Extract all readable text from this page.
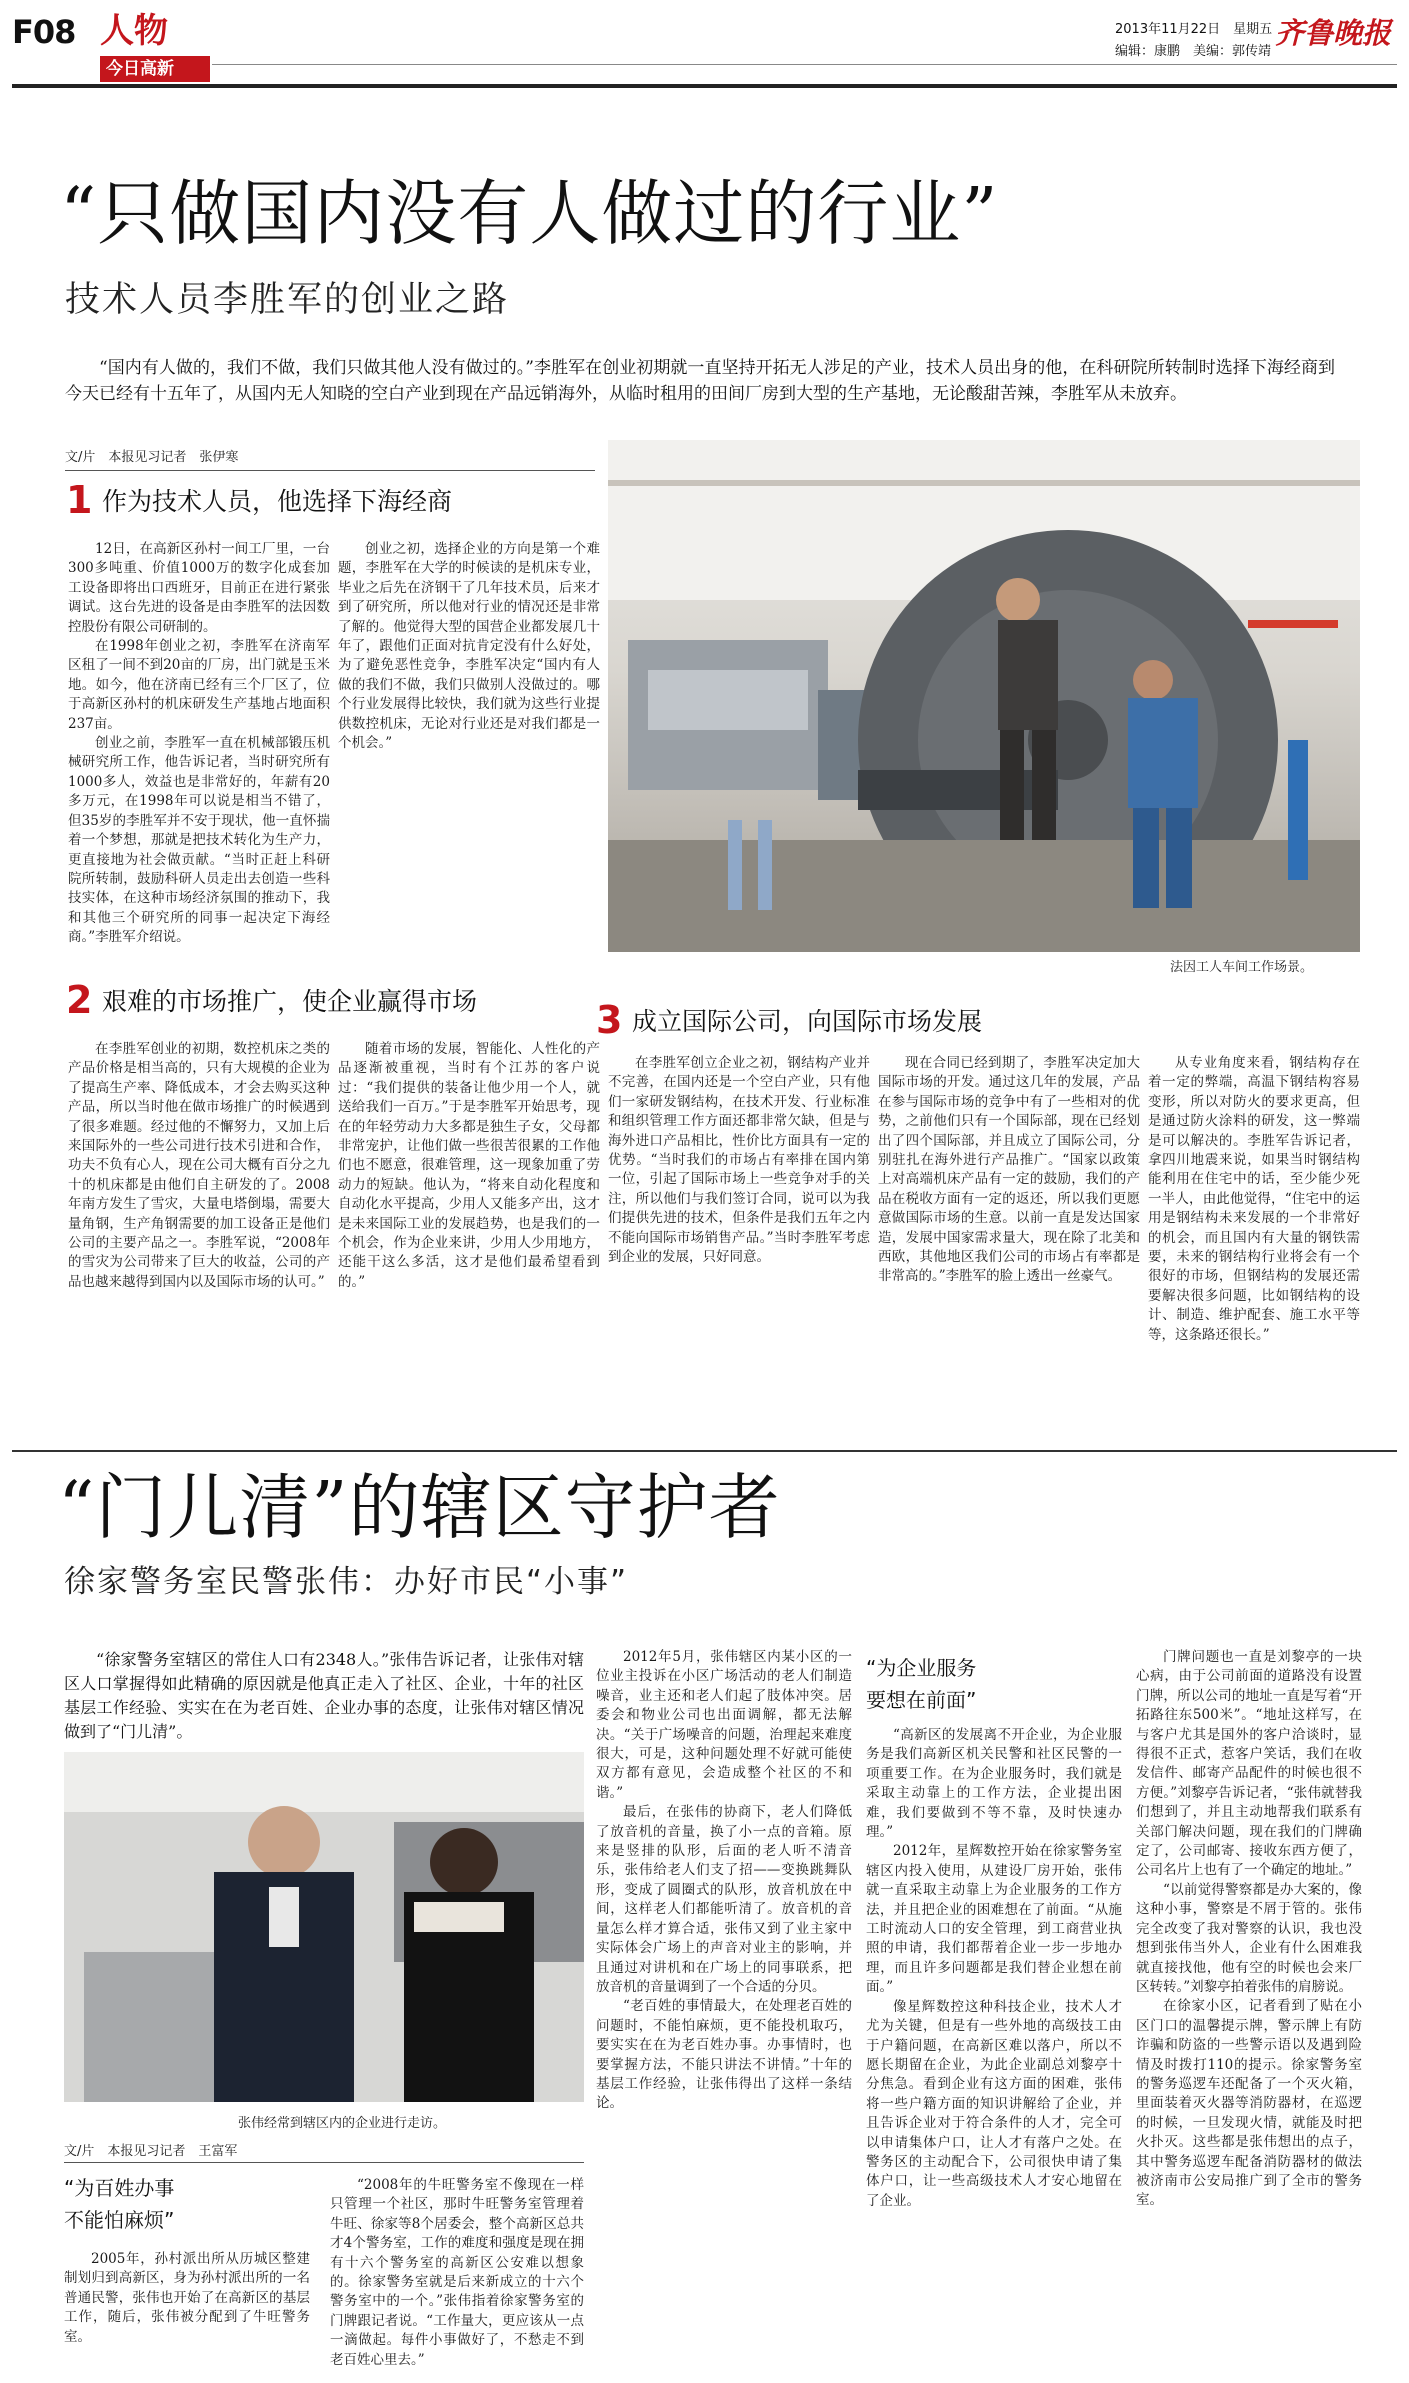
F08 人物
今日高新
2013年11月22日　星期五
编辑：康鹏　美编：郭传靖
齐鲁晚报
“只做国内没有人做过的行业”
技术人员李胜军的创业之路
“国内有人做的，我们不做，我们只做其他人没有做过的。”李胜军在创业初期就一直坚持开拓无人涉足的产业，技术人员出身的他，在科研院所转制时选择下海经商到今天已经有十五年了，从国内无人知晓的空白产业到现在产品远销海外，从临时租用的田间厂房到大型的生产基地，无论酸甜苦辣，李胜军从未放弃。
文/片　本报见习记者　张伊寒
1 作为技术人员，他选择下海经商

12日，在高新区孙村一间工厂里，一台300多吨重、价值1000万的数字化成套加工设备即将出口西班牙，目前正在进行紧张调试。这台先进的设备是由李胜军的法因数控股份有限公司研制的。

在1998年创业之初，李胜军在济南军区租了一间不到20亩的厂房，出门就是玉米地。如今，他在济南已经有三个厂区了，位于高新区孙村的机床研发生产基地占地面积237亩。

创业之前，李胜军一直在机械部锻压机械研究所工作，他告诉记者，当时研究所有1000多人，效益也是非常好的，年薪有20多万元，在1998年可以说是相当不错了，但35岁的李胜军并不安于现状，他一直怀揣着一个梦想，那就是把技术转化为生产力，更直接地为社会做贡献。“当时正赶上科研院所转制，鼓励科研人员走出去创造一些科技实体，在这种市场经济氛围的推动下，我和其他三个研究所的同事一起决定下海经商。”李胜军介绍说。

创业之初，选择企业的方向是第一个难题，李胜军在大学的时候读的是机床专业，毕业之后先在济钢干了几年技术员，后来才到了研究所，所以他对行业的情况还是非常了解的。他觉得大型的国营企业都发展几十年了，跟他们正面对抗肯定没有什么好处，为了避免恶性竞争，李胜军决定“国内有人做的我们不做，我们只做别人没做过的。哪个行业发展得比较快，我们就为这些行业提供数控机床，无论对行业还是对我们都是一个机会。”

法因工人车间工作场景。
2 艰难的市场推广，使企业赢得市场

在李胜军创业的初期，数控机床之类的产品价格是相当高的，只有大规模的企业为了提高生产率、降低成本，才会去购买这种产品，所以当时他在做市场推广的时候遇到了很多难题。经过他的不懈努力，又加上后来国际外的一些公司进行技术引进和合作，功夫不负有心人，现在公司大概有百分之九十的机床都是由他们自主研发的了。2008年南方发生了雪灾，大量电塔倒塌，需要大量角钢，生产角钢需要的加工设备正是他们公司的主要产品之一。李胜军说，“2008年的雪灾为公司带来了巨大的收益，公司的产品也越来越得到国内以及国际市场的认可。”

随着市场的发展，智能化、人性化的产品逐渐被重视，当时有个江苏的客户说过：“我们提供的装备让他少用一个人，就送给我们一百万。”于是李胜军开始思考，现在的年轻劳动力大多都是独生子女，父母都非常宠护，让他们做一些很苦很累的工作他们也不愿意，很难管理，这一现象加重了劳动力的短缺。他认为，“将来自动化程度和自动化水平提高，少用人又能多产出，这才是未来国际工业的发展趋势，也是我们的一个机会，作为企业来讲，少用人少用地方，还能干这么多活，这才是他们最希望看到的。”

3 成立国际公司，向国际市场发展

在李胜军创立企业之初，钢结构产业并不完善，在国内还是一个空白产业，只有他们一家研发钢结构，在技术开发、行业标准和组织管理工作方面还都非常欠缺，但是与海外进口产品相比，性价比方面具有一定的优势。“当时我们的市场占有率排在国内第一位，引起了国际市场上一些竞争对手的关注，所以他们与我们签订合同，说可以为我们提供先进的技术，但条件是我们五年之内不能向国际市场销售产品。”当时李胜军考虑到企业的发展，只好同意。

现在合同已经到期了，李胜军决定加大国际市场的开发。通过这几年的发展，产品在参与国际市场的竞争中有了一些相对的优势，之前他们只有一个国际部，现在已经划出了四个国际部，并且成立了国际公司，分别驻扎在海外进行产品推广。“国家以政策上对高端机床产品有一定的鼓励，我们的产品在税收方面有一定的返还，所以我们更愿意做国际市场的生意。以前一直是发达国家造，发展中国家需求量大，现在除了北美和西欧，其他地区我们公司的市场占有率都是非常高的。”李胜军的脸上透出一丝豪气。

从专业角度来看，钢结构存在着一定的弊端，高温下钢结构容易变形，所以对防火的要求更高，但是通过防火涂料的研发，这一弊端是可以解决的。李胜军告诉记者，拿四川地震来说，如果当时钢结构能利用在住宅中的话，至少能少死一半人，由此他觉得，“住宅中的运用是钢结构未来发展的一个非常好的机会，而且国内有大量的钢铁需要，未来的钢结构行业将会有一个很好的市场，但钢结构的发展还需要解决很多问题，比如钢结构的设计、制造、维护配套、施工水平等等，这条路还很长。”

“门儿清”的辖区守护者
徐家警务室民警张伟：办好市民“小事”
“徐家警务室辖区的常住人口有2348人。”张伟告诉记者，让张伟对辖区人口掌握得如此精确的原因就是他真正走入了社区、企业，十年的社区基层工作经验、实实在在为老百姓、企业办事的态度，让张伟对辖区情况做到了“门儿清”。
张伟经常到辖区内的企业进行走访。
文/片　本报见习记者　王富军
“为百姓办事
不能怕麻烦”

2005年，孙村派出所从历城区整建制划归到高新区，身为孙村派出所的一名普通民警，张伟也开始了在高新区的基层工作，随后，张伟被分配到了牛旺警务室。

“2008年的牛旺警务室不像现在一样只管理一个社区，那时牛旺警务室管理着牛旺、徐家等8个居委会，整个高新区总共才4个警务室，工作的难度和强度是现在拥有十六个警务室的高新区公安难以想象的。徐家警务室就是后来新成立的十六个警务室中的一个。”张伟指着徐家警务室的门牌跟记者说。“工作量大，更应该从一点一滴做起。每件小事做好了，不愁走不到老百姓心里去。”

2012年5月，张伟辖区内某小区的一位业主投诉在小区广场活动的老人们制造噪音，业主还和老人们起了肢体冲突。居委会和物业公司也出面调解，都无法解决。“关于广场噪音的问题，治理起来难度很大，可是，这种问题处理不好就可能使双方都有意见，会造成整个社区的不和谐。”

最后，在张伟的协商下，老人们降低了放音机的音量，换了小一点的音箱。原来是竖排的队形，后面的老人听不清音乐，张伟给老人们支了招——变换跳舞队形，变成了圆圈式的队形，放音机放在中间，这样老人们都能听清了。放音机的音量怎么样才算合适，张伟又到了业主家中实际体会广场上的声音对业主的影响，并且通过对讲机和在广场上的同事联系，把放音机的音量调到了一个合适的分贝。

“老百姓的事情最大，在处理老百姓的问题时，不能怕麻烦，更不能投机取巧，要实实在在为老百姓办事。办事情时，也要掌握方法，不能只讲法不讲情。”十年的基层工作经验，让张伟得出了这样一条结论。

“为企业服务
要想在前面”

“高新区的发展离不开企业，为企业服务是我们高新区机关民警和社区民警的一项重要工作。在为企业服务时，我们就是采取主动靠上的工作方法，企业提出困难，我们要做到不等不靠，及时快速办理。”

2012年，星辉数控开始在徐家警务室辖区内投入使用，从建设厂房开始，张伟就一直采取主动靠上为企业服务的工作方法，并且把企业的困难想在了前面。“从施工时流动人口的安全管理，到工商营业执照的申请，我们都帮着企业一步一步地办理，而且许多问题都是我们替企业想在前面。”

像星辉数控这种科技企业，技术人才尤为关键，但是有一些外地的高级技工由于户籍问题，在高新区难以落户，所以不愿长期留在企业，为此企业副总刘黎亭十分焦急。看到企业有这方面的困难，张伟将一些户籍方面的知识讲解给了企业，并且告诉企业对于符合条件的人才，完全可以申请集体户口，让人才有落户之处。在警务区的主动配合下，公司很快申请了集体户口，让一些高级技术人才安心地留在了企业。

门牌问题也一直是刘黎亭的一块心病，由于公司前面的道路没有设置门牌，所以公司的地址一直是写着“开拓路往东500米”。“地址这样写，在与客户尤其是国外的客户洽谈时，显得很不正式，惹客户笑话，我们在收发信件、邮寄产品配件的时候也很不方便。”刘黎亭告诉记者，“张伟就替我们想到了，并且主动地帮我们联系有关部门解决问题，现在我们的门牌确定了，公司邮寄、接收东西方便了，公司名片上也有了一个确定的地址。”

“以前觉得警察都是办大案的，像这种小事，警察是不屑于管的。张伟完全改变了我对警察的认识，我也没想到张伟当外人，企业有什么困难我就直接找他，他有空的时候也会来厂区转转。”刘黎亭拍着张伟的肩膀说。

在徐家小区，记者看到了贴在小区门口的温馨提示牌，警示牌上有防诈骗和防盗的一些警示语以及遇到险情及时拨打110的提示。徐家警务室的警务巡逻车还配备了一个灭火箱，里面装着灭火器等消防器材，在巡逻的时候，一旦发现火情，就能及时把火扑灭。这些都是张伟想出的点子，其中警务巡逻车配备消防器材的做法被济南市公安局推广到了全市的警务室。
